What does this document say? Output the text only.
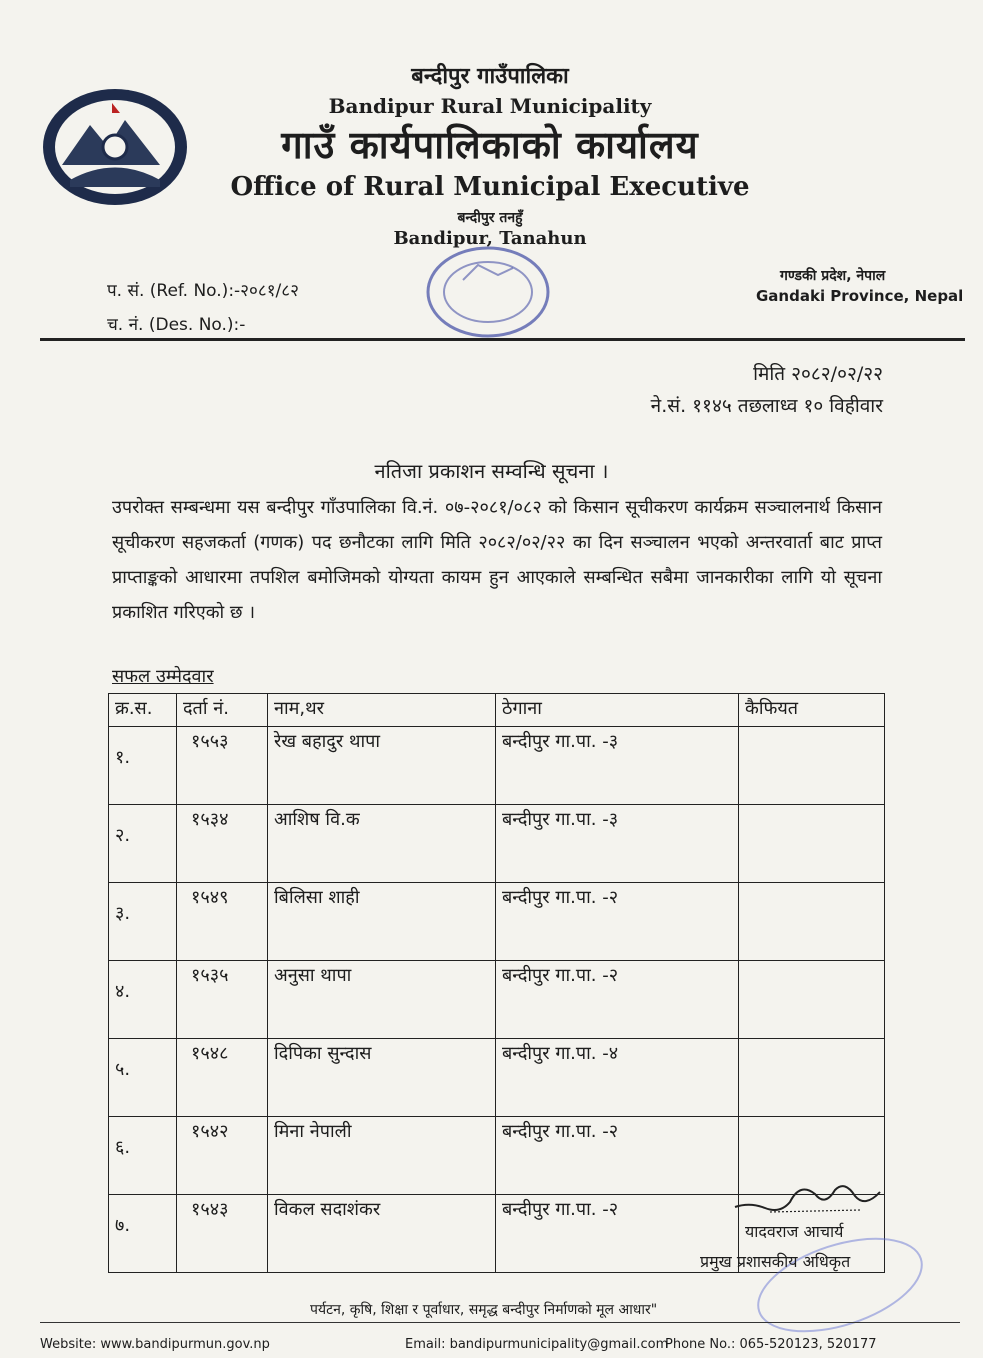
बन्दीपुर गाउँपालिका
Bandipur Rural Municipality
गाउँ कार्यपालिकाको कार्यालय
Office of Rural Municipal Executive
बन्दीपुर तनहुँ
Bandipur, Tanahun
प. सं. (Ref. No.):-२०८१/८२
च. नं. (Des. No.):-
गण्डकी प्रदेश, नेपाल
Gandaki Province, Nepal
मिति २०८२/०२/२२
ने.सं. ११४५ तछलाध्व १० विहीवार
नतिजा प्रकाशन सम्वन्धि सूचना ।
उपरोक्त सम्बन्धमा यस बन्दीपुर गाँउपालिका वि.नं. ०७-२०८१/०८२ को किसान सूचीकरण कार्यक्रम सञ्चालनार्थ किसान सूचीकरण सहजकर्ता (गणक) पद छनौटका लागि मिति २०८२/०२/२२ का दिन सञ्चालन भएको अन्तरवार्ता बाट प्राप्त प्राप्ताङ्कको आधारमा तपशिल बमोजिमको योग्यता कायम हुन आएकाले सम्बन्धित सबैमा जानकारीका लागि यो सूचना प्रकाशित गरिएको छ ।
सफल उम्मेदवार
क्र.स.	दर्ता नं.	नाम,थर	ठेगाना	कैफियत
१.	१५५३	रेख बहादुर थापा	बन्दीपुर गा.पा. -३	
२.	१५३४	आशिष वि.क	बन्दीपुर गा.पा. -३	
३.	१५४९	बिलिसा शाही	बन्दीपुर गा.पा. -२	
४.	१५३५	अनुसा थापा	बन्दीपुर गा.पा. -२	
५.	१५४८	दिपिका सुन्दास	बन्दीपुर गा.पा. -४	
६.	१५४२	मिना नेपाली	बन्दीपुर गा.पा. -२	
७.	१५४३	विकल सदाशंकर	बन्दीपुर गा.पा. -२	
यादवराज आचार्य
प्रमुख प्रशासकीय अधिकृत
पर्यटन, कृषि, शिक्षा र पूर्वाधार, समृद्ध बन्दीपुर निर्माणको मूल आधार"
Website: www.bandipurmun.gov.np	Email: bandipurmunicipality@gmail.com
Phone No.: 065-520123, 520177
